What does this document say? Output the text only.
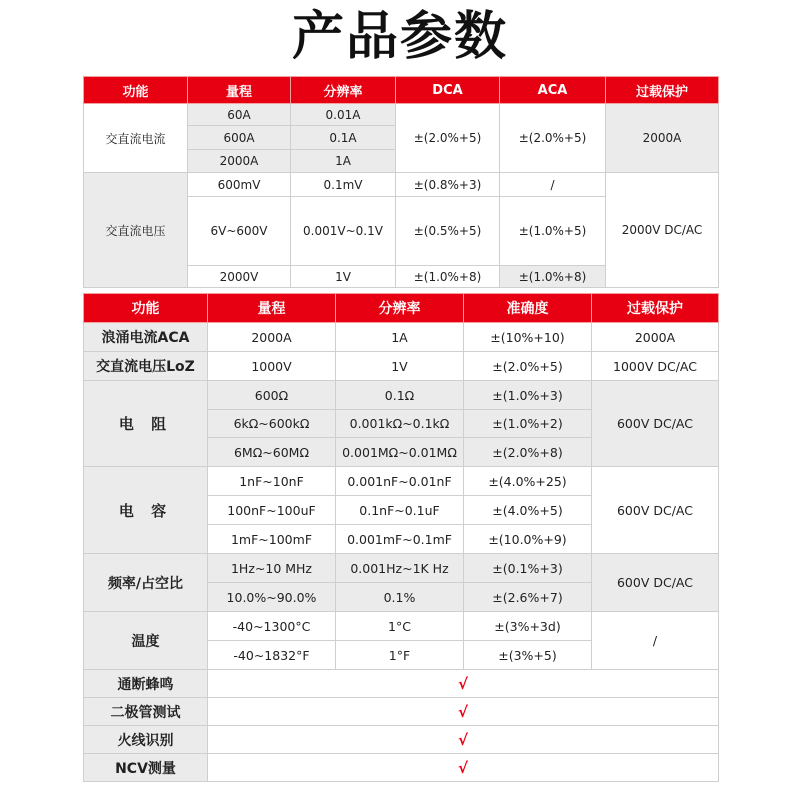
产品参数
功能	量程	分辨率	DCA	ACA	过载保护
交直流电流	60A	0.01A	±(2.0%+5)	±(2.0%+5)	2000A
	600A	0.1A			
	2000A	1A			
交直流电压	600mV	0.1mV	±(0.8%+3)	/	2000V DC/AC
	6V~600V	0.001V~0.1V	±(0.5%+5)	±(1.0%+5)	
	2000V	1V	±(1.0%+8)	±(1.0%+8)	
功能	量程	分辨率	准确度	过载保护
浪涌电流ACA	2000A	1A	±(10%+10)	2000A
交直流电压LoZ	1000V	1V	±(2.0%+5)	1000V DC/AC
电 阻	600Ω	0.1Ω	±(1.0%+3)	600V DC/AC
	6kΩ~600kΩ	0.001kΩ~0.1kΩ	±(1.0%+2)	
	6MΩ~60MΩ	0.001MΩ~0.01MΩ	±(2.0%+8)	
电 容	1nF~10nF	0.001nF~0.01nF	±(4.0%+25)	600V DC/AC
	100nF~100uF	0.1nF~0.1uF	±(4.0%+5)	
	1mF~100mF	0.001mF~0.1mF	±(10.0%+9)	
频率/占空比	1Hz~10 MHz	0.001Hz~1K Hz	±(0.1%+3)	600V DC/AC
	10.0%~90.0%	0.1%	±(2.6%+7)	
温度	-40~1300°C	1°C	±(3%+3d)	/
	-40~1832°F	1°F	±(3%+5)	
通断蜂鸣	√			
二极管测试	√			
火线识别	√			
NCV测量	√			
